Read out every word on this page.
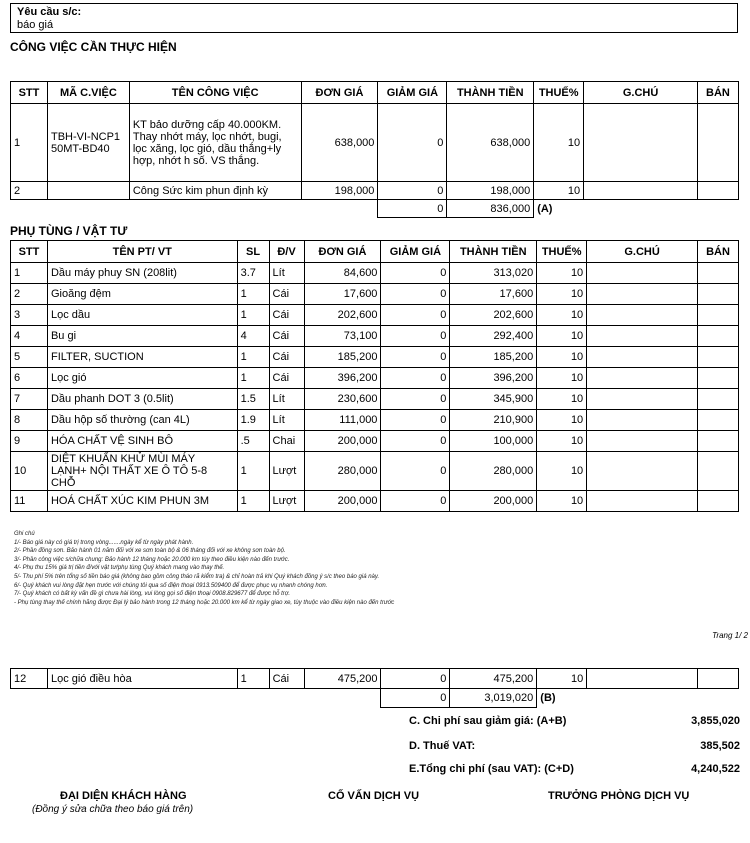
Yêu cầu s/c:
báo giá
CÔNG VIỆC CẦN THỰC HIỆN
STT	MÃ C.VIỆC	TÊN CÔNG VIỆC	ĐƠN GIÁ	GIẢM GIÁ	THÀNH TIỀN	THUẾ%	G.CHÚ	BÁN
1	TBH-VI-NCP150MT-BD40	KT bảo dưỡng cấp 40.000KM. Thay nhớt máy, lọc nhớt, bugi, lọc xăng, lọc gió, dầu thắng+ly hợp, nhớt h số. VS thắng.	638,000	0	638,000	10		
2		Công Sức kim phun định kỳ	198,000	0	198,000	10		
				0	836,000	(A)		
PHỤ TÙNG / VẬT TƯ
STT	TÊN PT/ VT	SL	Đ/V	ĐƠN GIÁ	GIẢM GIÁ	THÀNH TIỀN	THUẾ%	G.CHÚ	BÁN
1	Dầu máy phuy SN (208lit)	3.7	Lít	84,600	0	313,020	10		
2	Gioăng đệm	1	Cái	17,600	0	17,600	10		
3	Lọc dầu	1	Cái	202,600	0	202,600	10		
4	Bu gi	4	Cái	73,100	0	292,400	10		
5	FILTER, SUCTION	1	Cái	185,200	0	185,200	10		
6	Lọc gió	1	Cái	396,200	0	396,200	10		
7	Dầu phanh DOT 3 (0.5lit)	1.5	Lít	230,600	0	345,900	10		
8	Dầu hộp số thường (can 4L)	1.9	Lít	111,000	0	210,900	10		
9	HÓA CHẤT VỆ SINH BÔ	.5	Chai	200,000	0	100,000	10		
10	DIỆT KHUẨN KHỬ MÙI MÁY LẠNH+ NỘI THẤT XE Ô TÔ 5-8 CHỖ	1	Lượt	280,000	0	280,000	10		
11	HOÁ CHẤT XÚC KIM PHUN 3M	1	Lượt	200,000	0	200,000	10		
Ghi chú
1/- Báo giá này có giá trị trong vòng.......ngày kể từ ngày phát hành.
2/- Phần đồng sơn. Bảo hành 01 năm đối với xe sơn toàn bộ & 06 tháng đối với xe không sơn toàn bộ.
3/- Phần công việc s/chữa chung: Bảo hành 12 tháng hoặc 20.000 km tùy theo điều kiện nào đến trước.
4/- Phụ thu 15% giá trị tiền đ/với vật tư/phụ tùng Quý khách mang vào thay thế.
5/- Thu phí 5% trên tổng số tiền báo giá (không bao gồm công tháo rã kiểm tra) & chỉ hoàn trả khi Quý khách đồng ý s/c theo báo giá này.
6/- Quý khách vui lòng đặt hẹn trước với chúng tôi qua số điện thoại 0913.509400 để được phục vụ nhanh chóng hơn.
7/- Quý khách có bất kỳ vấn đề gì chưa hài lòng, vui lòng gọi số điện thoại 0908.829677 để được hỗ trợ.
- Phụ tùng thay thế chính hãng được Đại lý bảo hành trong 12 tháng hoặc 20.000 km kể từ ngày giao xe, tùy thuộc vào điều kiện nào đến trước
Trang 1/ 2
12	Lọc gió điều hòa	1	Cái	475,200	0	475,200	10		
					0	3,019,020	(B)		
C. Chi phí sau giảm giá: (A+B)	3,855,020
D. Thuế VAT:	385,502
E.Tổng chi phí (sau VAT): (C+D)	4,240,522
ĐẠI DIỆN KHÁCH HÀNG
(Đồng ý sửa chữa theo báo giá trên)
CỐ VẤN DỊCH VỤ	TRƯỞNG PHÒNG DỊCH VỤ
